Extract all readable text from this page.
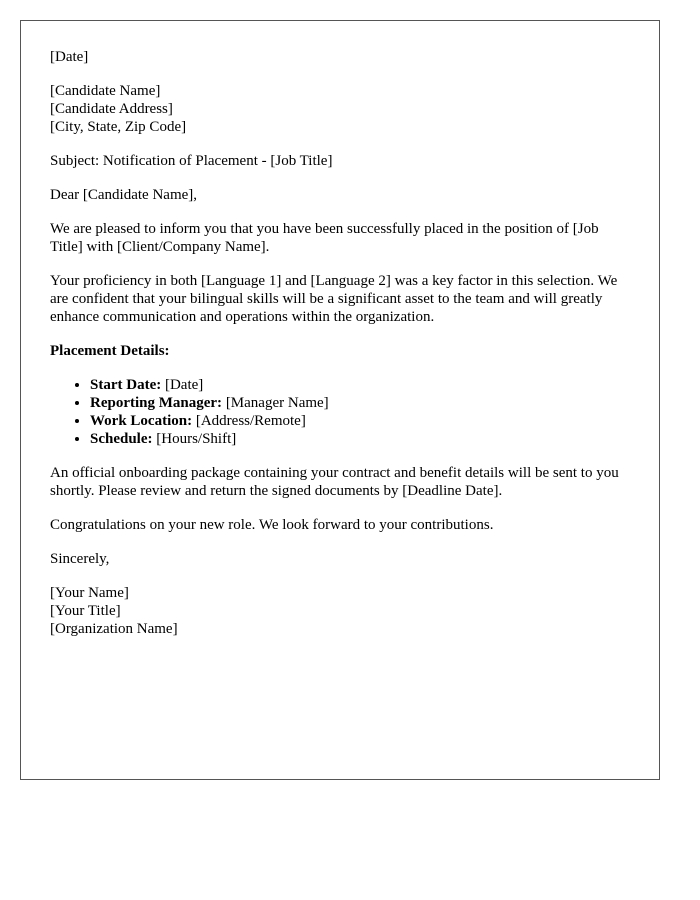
[Date]

[Candidate Name]
[Candidate Address]
[City, State, Zip Code]

Subject: Notification of Placement - [Job Title]

Dear [Candidate Name],

We are pleased to inform you that you have been successfully placed in the position of [Job Title] with [Client/Company Name].

Your proficiency in both [Language 1] and [Language 2] was a key factor in this selection. We are confident that your bilingual skills will be a significant asset to the team and will greatly enhance communication and operations within the organization.

Placement Details:

• Start Date: [Date]
• Reporting Manager: [Manager Name]
• Work Location: [Address/Remote]
• Schedule: [Hours/Shift]

An official onboarding package containing your contract and benefit details will be sent to you shortly. Please review and return the signed documents by [Deadline Date].

Congratulations on your new role. We look forward to your contributions.

Sincerely,

[Your Name]
[Your Title]
[Organization Name]
